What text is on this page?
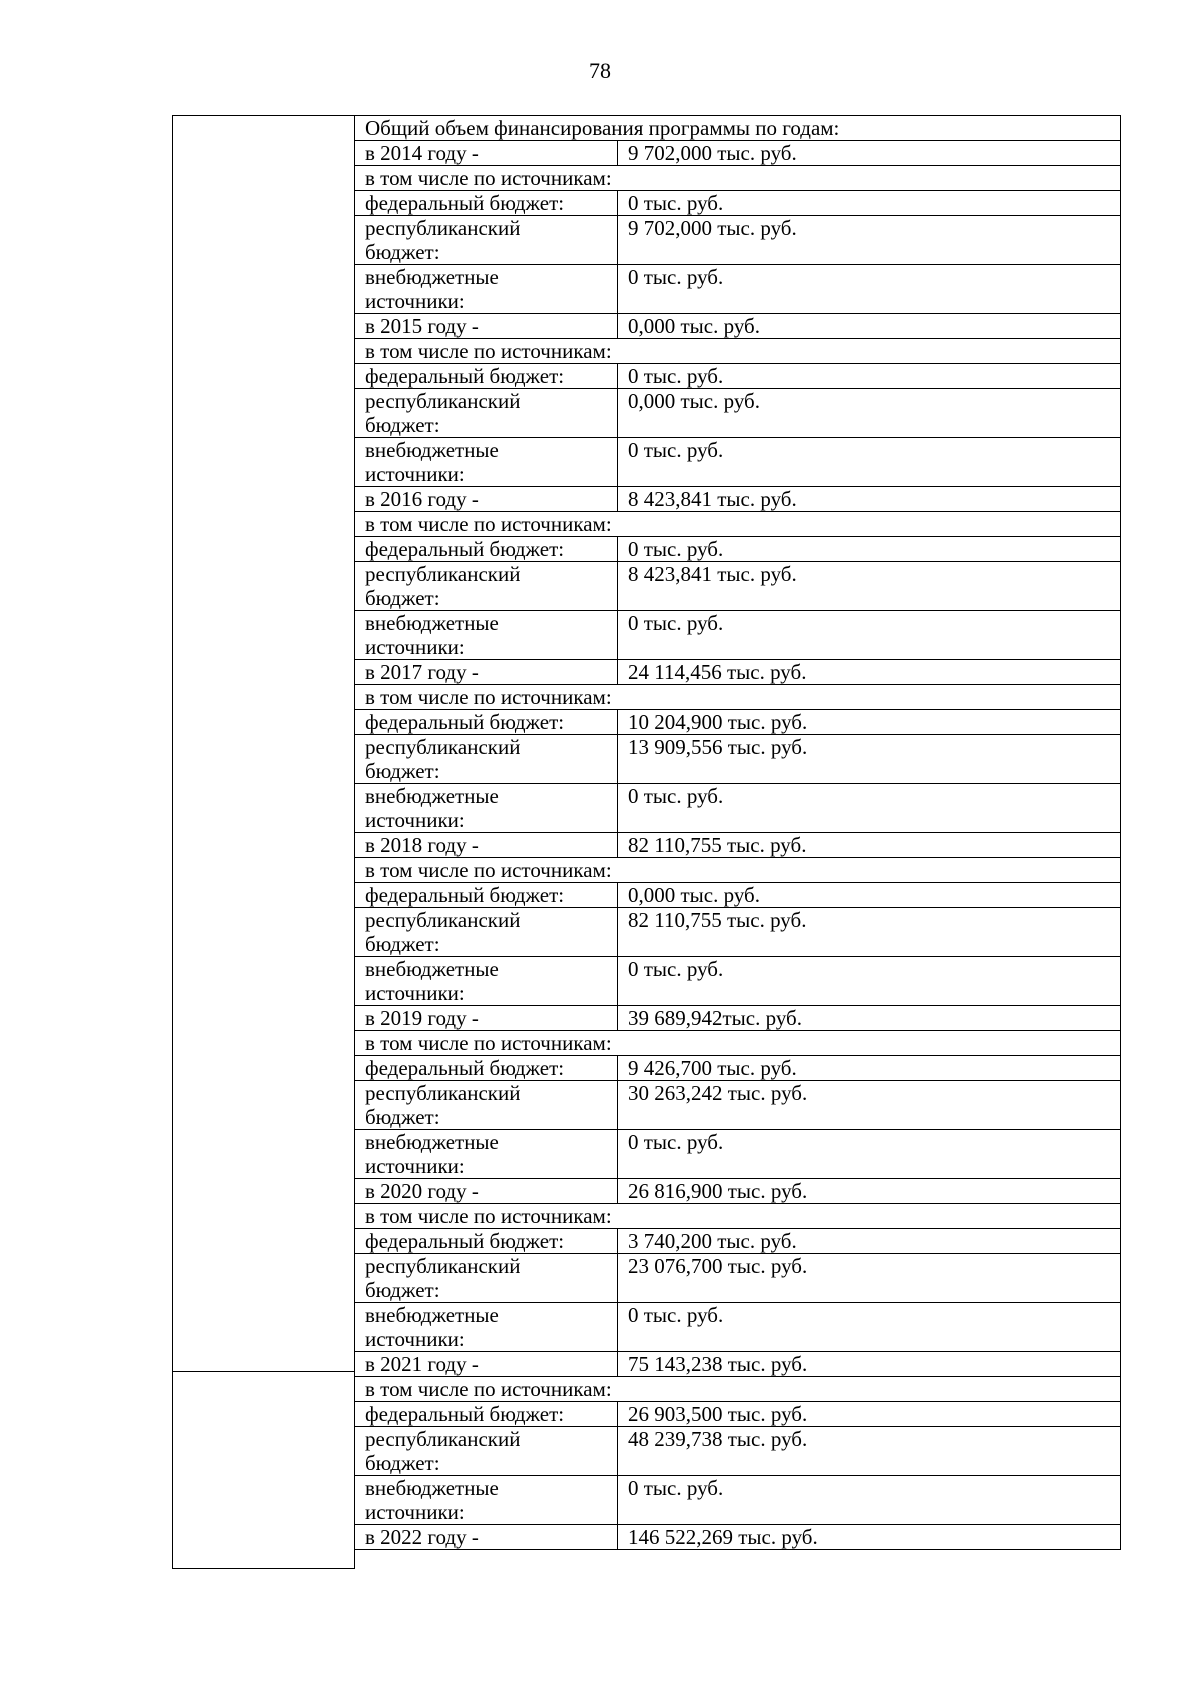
78
Общий объем финансирования программы по годам:	
в 2014 году -	9 702,000 тыс. руб.
в том числе по источникам:	
федеральный бюджет:	0 тыс. руб.

республиканский
бюджет:	9 702,000 тыс. руб.

внебюджетные
источники:	0 тыс. руб.
в 2015 году -	0,000 тыс. руб.
в том числе по источникам:	
федеральный бюджет:	0 тыс. руб.

республиканский
бюджет:	0,000 тыс. руб.

внебюджетные
источники:	0 тыс. руб.
в 2016 году -	8 423,841 тыс. руб.
в том числе по источникам:	
федеральный бюджет:	0 тыс. руб.

республиканский
бюджет:	8 423,841 тыс. руб.

внебюджетные
источники:	0 тыс. руб.
в 2017 году -	24 114,456 тыс. руб.
в том числе по источникам:	
федеральный бюджет:	10 204,900 тыс. руб.

республиканский
бюджет:	13 909,556 тыс. руб.

внебюджетные
источники:	0 тыс. руб.
в 2018 году -	82 110,755 тыс. руб.
в том числе по источникам:	
федеральный бюджет:	0,000 тыс. руб.

республиканский
бюджет:	82 110,755 тыс. руб.

внебюджетные
источники:	0 тыс. руб.
в 2019 году -	39 689,942тыс. руб.
в том числе по источникам:	
федеральный бюджет:	9 426,700 тыс. руб.

республиканский
бюджет:	30 263,242 тыс. руб.

внебюджетные
источники:	0 тыс. руб.
в 2020 году -	26 816,900 тыс. руб.
в том числе по источникам:	
федеральный бюджет:	3 740,200 тыс. руб.

республиканский
бюджет:	23 076,700 тыс. руб.

внебюджетные
источники:	0 тыс. руб.
в 2021 году -	75 143,238 тыс. руб.
в том числе по источникам:	
федеральный бюджет:	26 903,500 тыс. руб.

республиканский
бюджет:	48 239,738 тыс. руб.

внебюджетные
источники:	0 тыс. руб.
в 2022 году -	146 522,269 тыс. руб.
